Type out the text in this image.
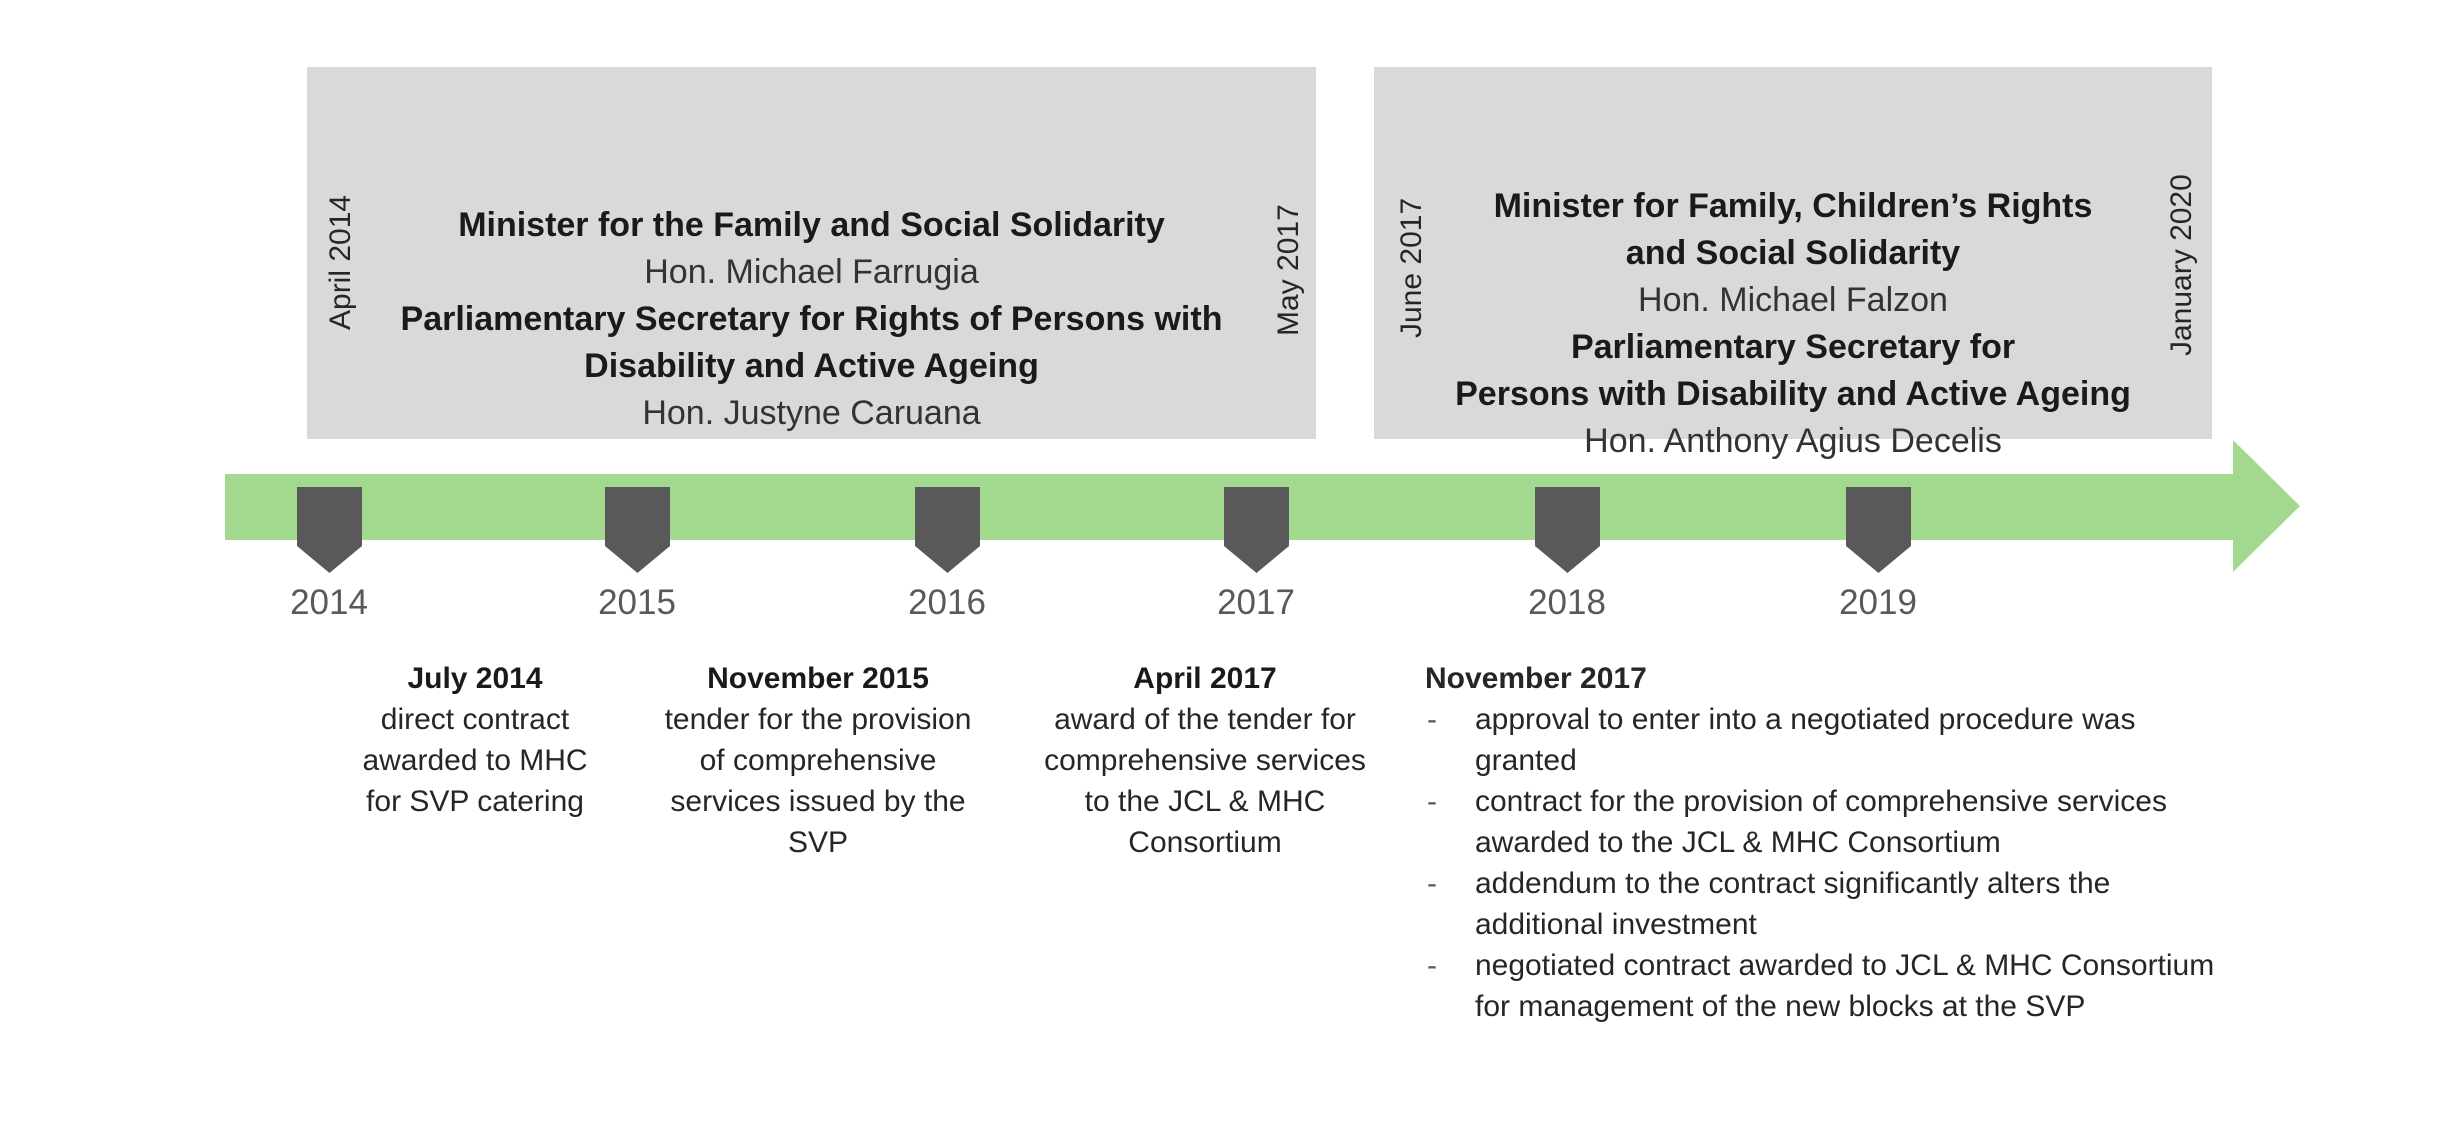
Minister for the Family and Social Solidarity
Hon. Michael Farrugia
Parliamentary Secretary for Rights of Persons with
Disability and Active Ageing
Hon. Justyne Caruana
April 2014	May 2017	Minister for Family, Children’s Rights
and Social Solidarity
Hon. Michael Falzon
Parliamentary Secretary for
Persons with Disability and Active Ageing
Hon. Anthony Agius Decelis
June 2017	January 2020
2014	2015	2016	2017	2018	2019
July 2014
direct contract
awarded to MHC
for SVP catering
November 2015
tender for the provision
of comprehensive
services issued by the
SVP
April 2017
award of the tender for
comprehensive services
to the JCL & MHC
Consortium
November 2017
- approval to enter into a negotiated procedure was
granted
- contract for the provision of comprehensive services
awarded to the JCL & MHC Consortium
- addendum to the contract significantly alters the
additional investment
- negotiated contract awarded to JCL & MHC Consortium
for management of the new blocks at the SVP
